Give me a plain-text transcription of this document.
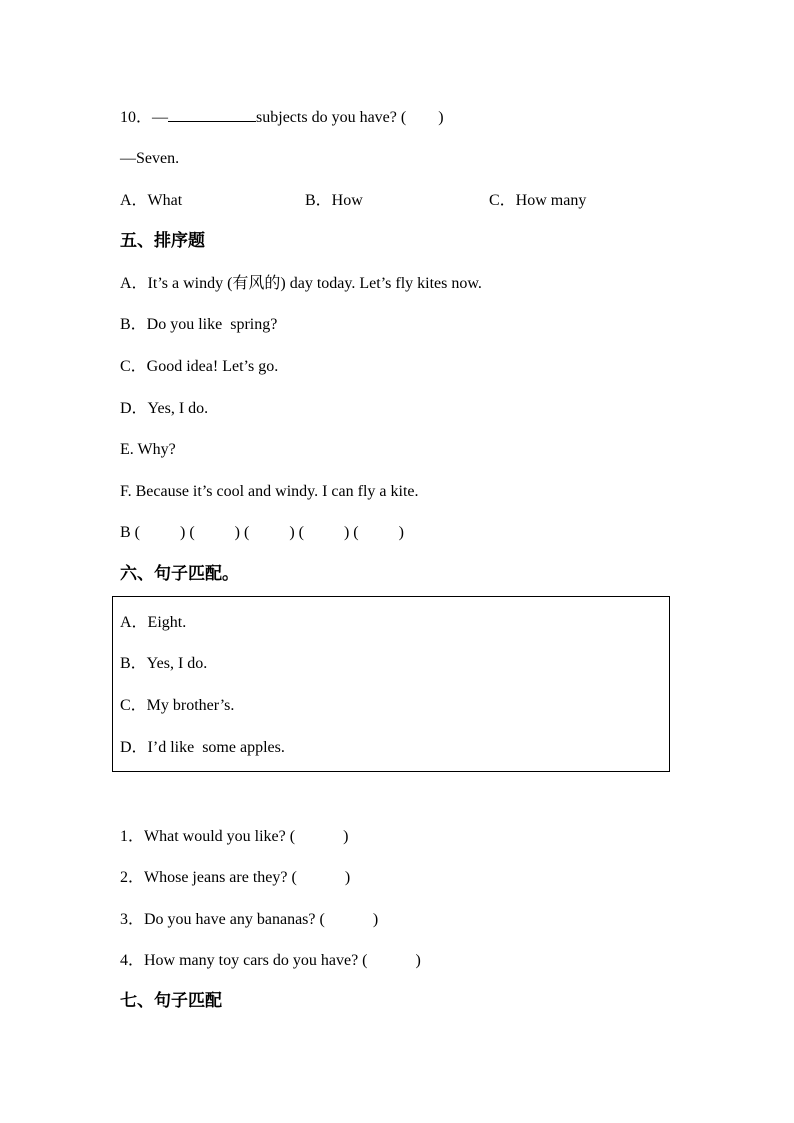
10．—	subjects do you have? (        )
—Seven.
A．What	B．How	C．How many
五、排序题
A．It’s a windy (有风的) day today. Let’s fly kites now.
B．Do you like  spring?
C．Good idea! Let’s go.
D．Yes, I do.
E. Why?
F. Because it’s cool and windy. I can fly a kite.
B (          ) (          ) (          ) (          ) (          )
六、句子匹配。
A．Eight.
B．Yes, I do.
C．My brother’s.
D．I’d like  some apples.
1．What would you like? (            )
2．Whose jeans are they? (            )
3．Do you have any bananas? (            )
4．How many toy cars do you have? (            )
七、句子匹配
